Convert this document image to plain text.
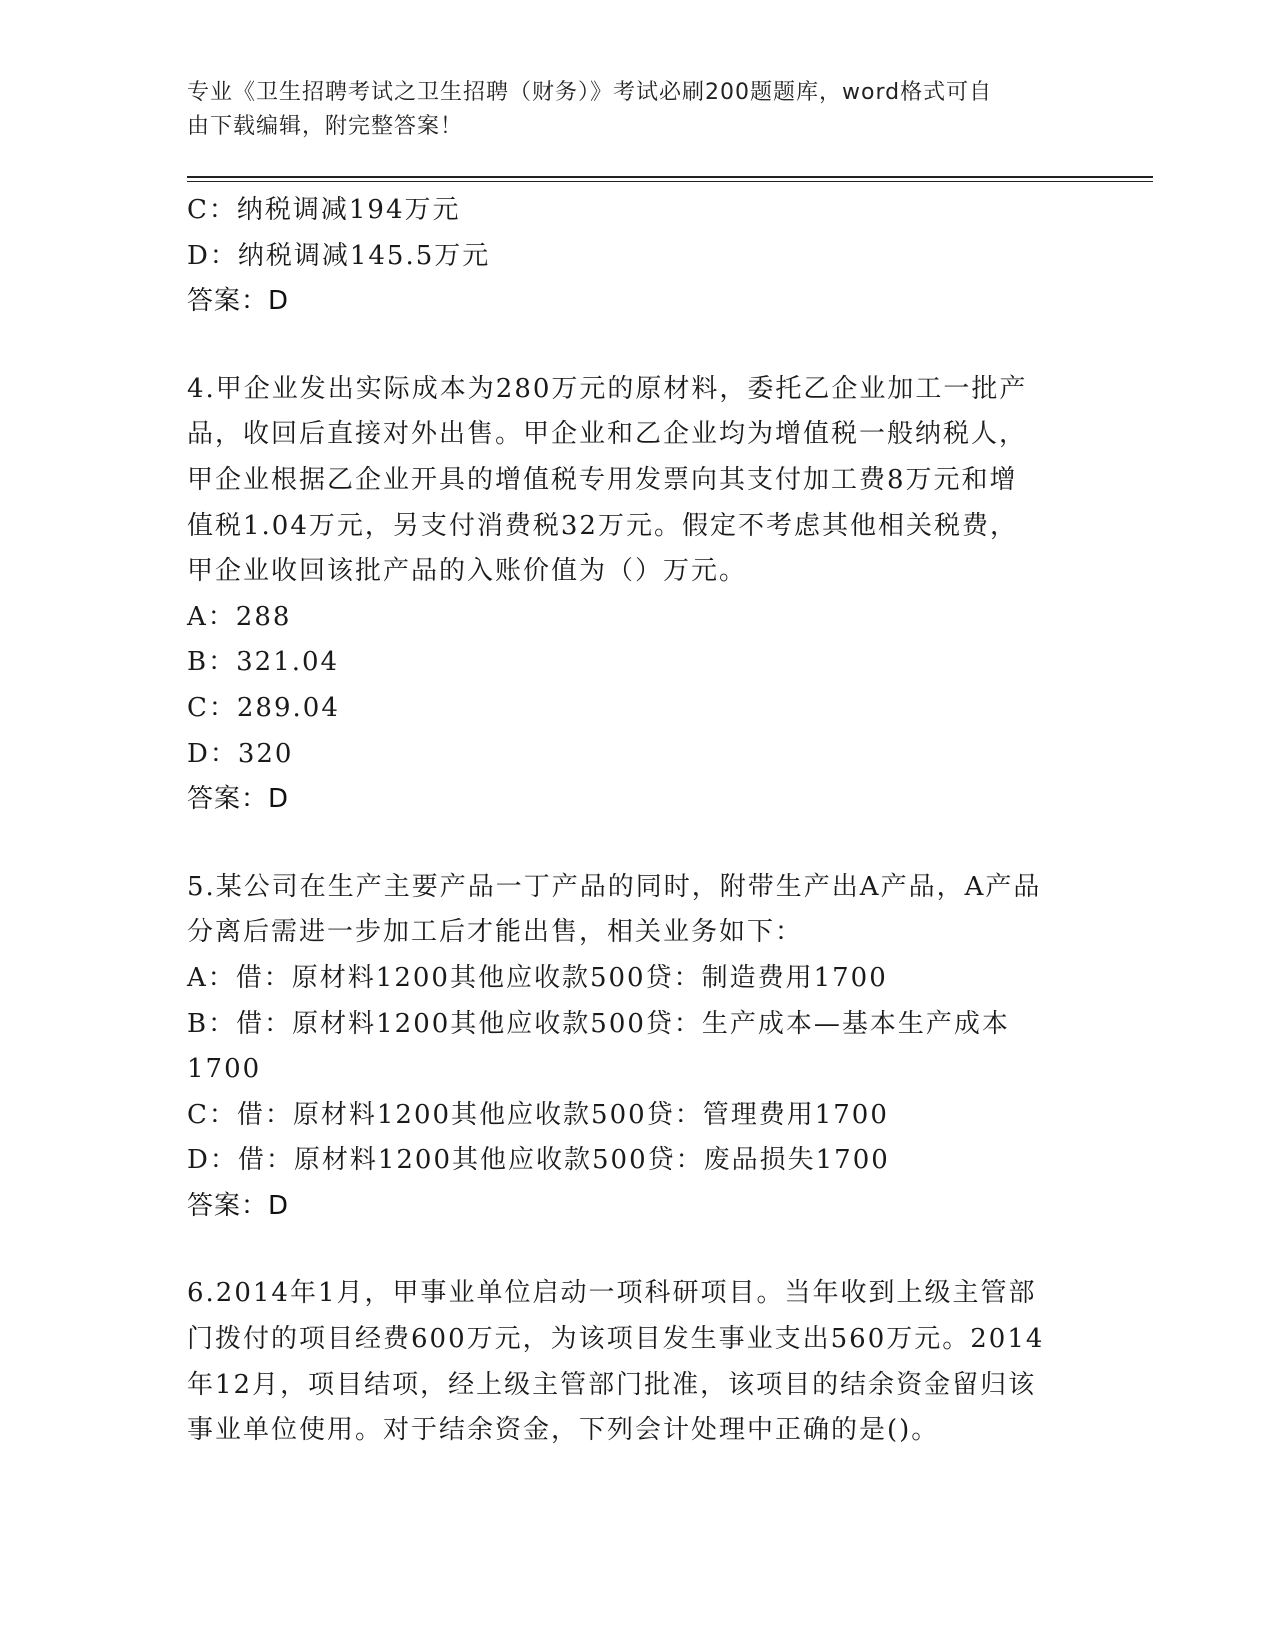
专业《卫生招聘考试之卫生招聘（财务）》考试必刷200题题库，word格式可自
由下载编辑，附完整答案！
C：纳税调减194万元
D：纳税调减145.5万元
答案：D
4.甲企业发出实际成本为280万元的原材料，委托乙企业加工一批产
品，收回后直接对外出售。甲企业和乙企业均为增值税一般纳税人，
甲企业根据乙企业开具的增值税专用发票向其支付加工费8万元和增
值税1.04万元，另支付消费税32万元。假定不考虑其他相关税费，
甲企业收回该批产品的入账价值为（）万元。
A：288
B：321.04
C：289.04
D：320
答案：D
5.某公司在生产主要产品一丁产品的同时，附带生产出A产品，A产品
分离后需进一步加工后才能出售，相关业务如下：
A：借：原材料1200其他应收款500贷：制造费用1700
B：借：原材料1200其他应收款500贷：生产成本—基本生产成本
1700
C：借：原材料1200其他应收款500贷：管理费用1700
D：借：原材料1200其他应收款500贷：废品损失1700
答案：D
6.2014年1月，甲事业单位启动一项科研项目。当年收到上级主管部
门拨付的项目经费600万元，为该项目发生事业支出560万元。2014
年12月，项目结项，经上级主管部门批准，该项目的结余资金留归该
事业单位使用。对于结余资金，下列会计处理中正确的是()。
